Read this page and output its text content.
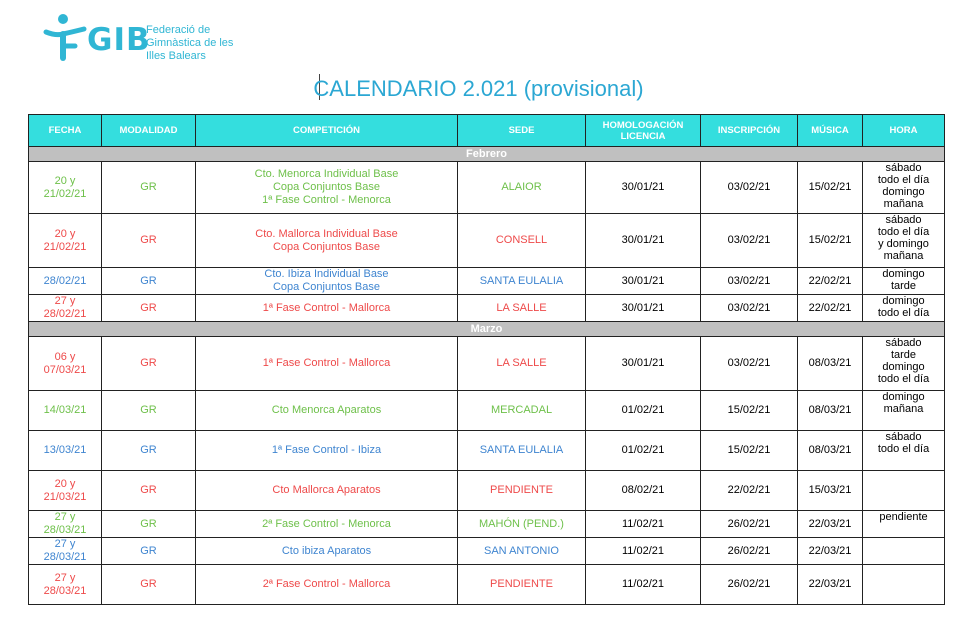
GIB
Federació de
Gimnàstica de les
Illes Balears
CALENDARIO 2.021 (provisional)
FECHA	MODALIDAD	COMPETICIÓN	SEDE	HOMOLOGACIÓN LICENCIA	INSCRIPCIÓN	MÚSICA	HORA
Febrero							

20 y
21/02/21	GR	Cto. Menorca Individual Base
Copa Conjuntos Base
1ª Fase Control - Menorca	ALAIOR	30/01/21	03/02/21	15/02/21	sábado
todo el día
domingo
mañana

20 y
21/02/21	GR	Cto. Mallorca Individual Base
Copa Conjuntos Base	CONSELL	30/01/21	03/02/21	15/02/21	sábado
todo el día
y domingo
mañana

28/02/21	GR	Cto. Ibiza Individual Base
Copa Conjuntos Base	SANTA EULALIA	30/01/21	03/02/21	22/02/21	domingo
tarde

27 y
28/02/21	GR	1ª Fase Control - Mallorca	LA SALLE	30/01/21	03/02/21	22/02/21	domingo
todo el día

Marzo							

06 y
07/03/21	GR	1ª Fase Control - Mallorca	LA SALLE	30/01/21	03/02/21	08/03/21	sábado
tarde
domingo
todo el día

14/03/21	GR	Cto Menorca Aparatos	MERCADAL	01/02/21	15/02/21	08/03/21	domingo
mañana

13/03/21	GR	1ª Fase Control - Ibiza	SANTA EULALIA	01/02/21	15/02/21	08/03/21	sábado
todo el día

20 y
21/03/21	GR	Cto Mallorca Aparatos	PENDIENTE	08/02/21	22/02/21	15/03/21	

27 y
28/03/21	GR	2ª Fase Control - Menorca	MAHÓN (PEND.)	11/02/21	26/02/21	22/03/21	pendiente

27 y
28/03/21	GR	Cto ibiza Aparatos	SAN ANTONIO	11/02/21	26/02/21	22/03/21	

27 y
28/03/21	GR	2ª Fase Control - Mallorca	PENDIENTE	11/02/21	26/02/21	22/03/21	
